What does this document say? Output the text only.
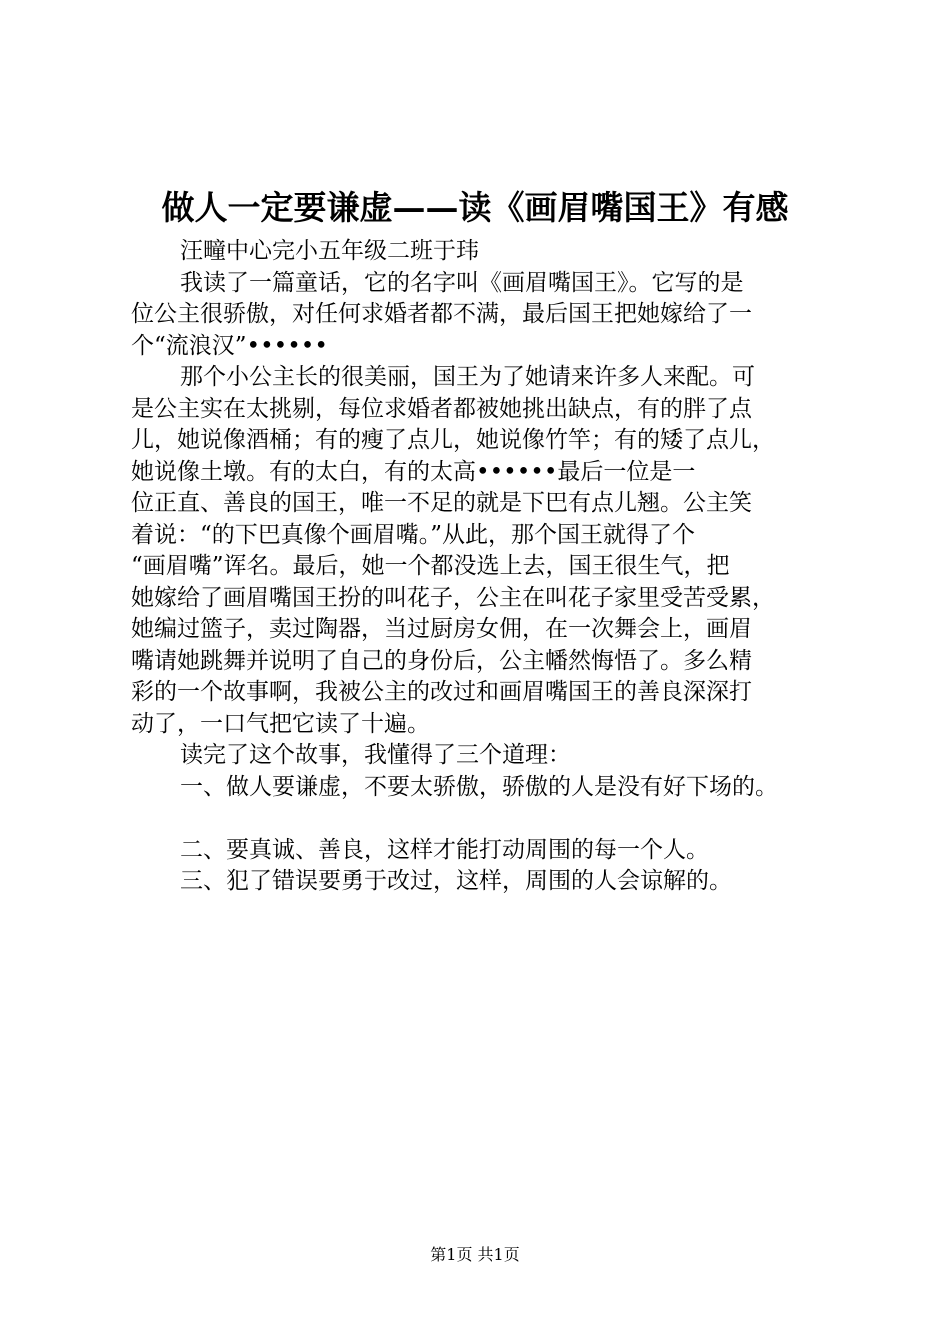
做人一定要谦虚——读《画眉嘴国王》有感
汪疃中心完小五年级二班于玮
我读了一篇童话，它的名字叫《画眉嘴国王》。它写的是
位公主很骄傲，对任何求婚者都不满，最后国王把她嫁给了一
个“流浪汉”••••••
那个小公主长的很美丽，国王为了她请来许多人来配。可
是公主实在太挑剔，每位求婚者都被她挑出缺点，有的胖了点
儿，她说像酒桶；有的瘦了点儿，她说像竹竿；有的矮了点儿，
她说像土墩。有的太白，有的太高••••••最后一位是一
位正直、善良的国王，唯一不足的就是下巴有点儿翘。公主笑
着说：“的下巴真像个画眉嘴。”从此，那个国王就得了个
“画眉嘴”诨名。最后，她一个都没选上去，国王很生气，把
她嫁给了画眉嘴国王扮的叫花子，公主在叫花子家里受苦受累，
她编过篮子，卖过陶器，当过厨房女佣，在一次舞会上，画眉
嘴请她跳舞并说明了自己的身份后，公主幡然悔悟了。多么精
彩的一个故事啊，我被公主的改过和画眉嘴国王的善良深深打
动了，一口气把它读了十遍。
读完了这个故事，我懂得了三个道理：
一、做人要谦虚，不要太骄傲，骄傲的人是没有好下场的。
二、要真诚、善良，这样才能打动周围的每一个人。
三、犯了错误要勇于改过，这样，周围的人会谅解的。
第1页 共1页
